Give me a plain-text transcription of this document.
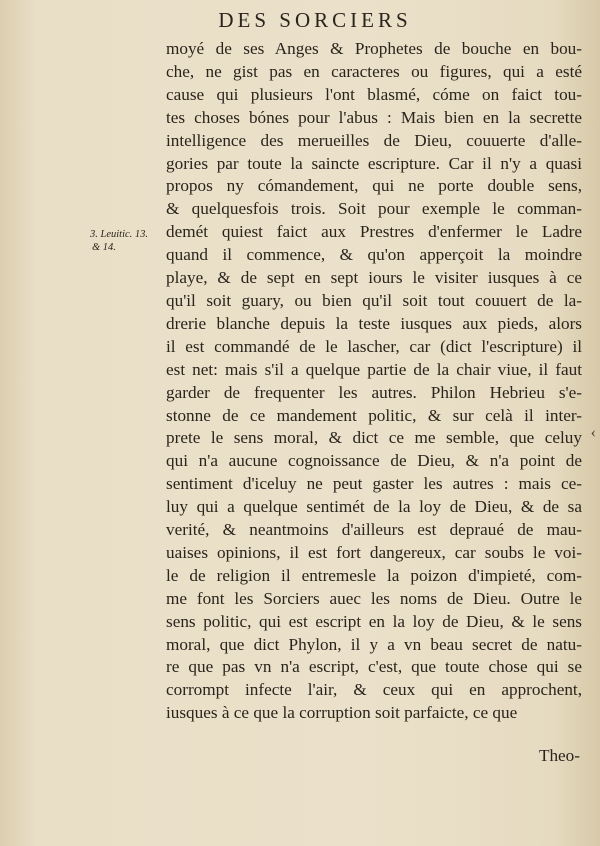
DES SORCIERS
3. Leuitic. 13.
& 14.
moyé de ses Anges & Prophetes de bouche en bou-
che, ne gist pas en caracteres ou figures, qui a esté
cause qui plusieurs l'ont blasmé, cóme on faict tou-
tes choses bónes pour l'abus : Mais bien en la secrette
intelligence des merueilles de Dieu, couuerte d'alle-
gories par toute la saincte escripture. Car il n'y a quasi
propos ny cómandement, qui ne porte double sens,
& quelquesfois trois. Soit pour exemple le comman-
demét quiest faict aux Prestres d'enfermer le Ladre
quand il commence, & qu'on apperçoit la moindre
playe, & de sept en sept iours le visiter iusques à ce
qu'il soit guary, ou bien qu'il soit tout couuert de la-
drerie blanche depuis la teste iusques aux pieds, alors
il est commandé de le lascher, car (dict l'escripture) il
est net: mais s'il a quelque partie de la chair viue, il faut
garder de frequenter les autres. Philon Hebrieu s'e-
stonne de ce mandement politic, & sur celà il inter-
prete le sens moral, & dict ce me semble, que celuy
qui n'a aucune cognoissance de Dieu, & n'a point de
sentiment d'iceluy ne peut gaster les autres : mais ce-
luy qui a quelque sentimét de la loy de Dieu, & de sa
verité, & neantmoins d'ailleurs est depraué de mau-
uaises opinions, il est fort dangereux, car soubs le voi-
le de religion il entremesle la poizon d'impieté, com-
me font les Sorciers auec les noms de Dieu. Outre le
sens politic, qui est escript en la loy de Dieu, & le sens
moral, que dict Phylon, il y a vn beau secret de natu-
re que pas vn n'a escript, c'est, que toute chose qui se
corrompt infecte l'air, & ceux qui en approchent,
iusques à ce que la corruption soit parfaicte, ce que
Theo-
‹
